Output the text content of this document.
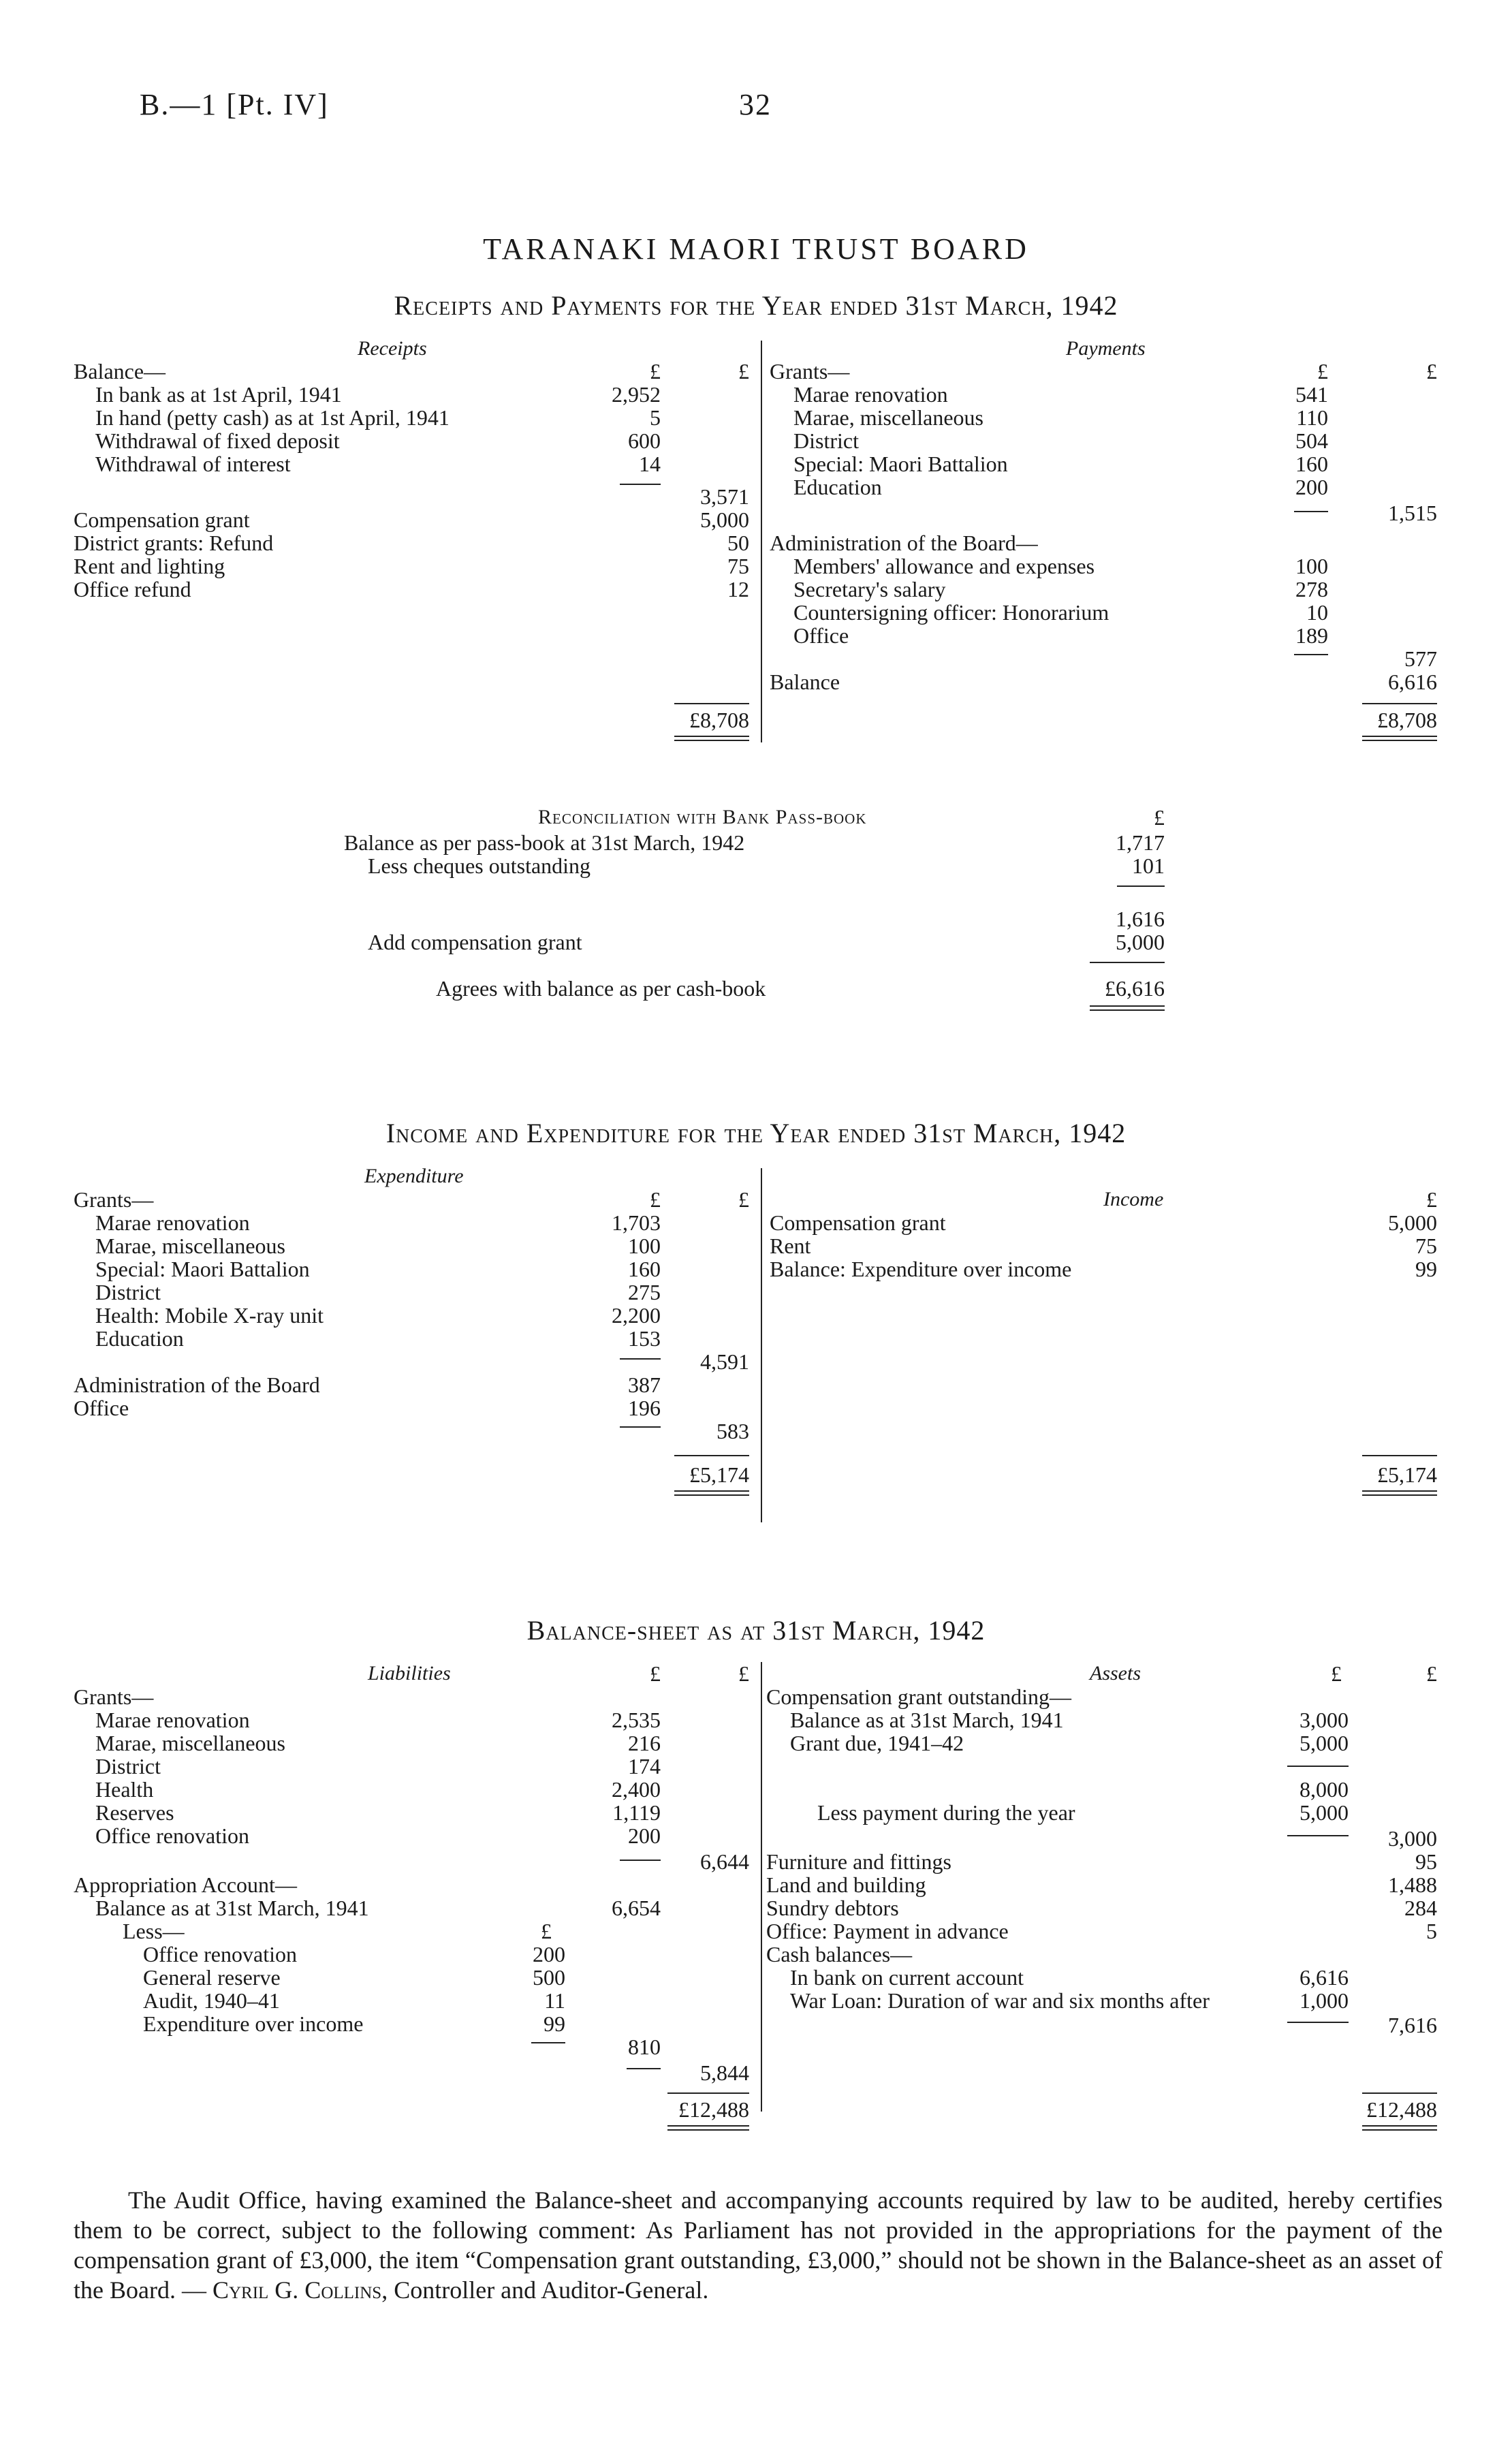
B.—1 [Pt. IV]	32
TARANAKI MAORI TRUST BOARD
Receipts and Payments for the Year ended 31st March, 1942
Receipts	Payments
£	£
Balance—
In bank as at 1st April, 1941	2,952
In hand (petty cash) as at 1st April, 1941	5
Withdrawal of fixed deposit	600
Withdrawal of interest	14
3,571
Compensation grant	5,000
District grants: Refund	50
Rent and lighting	75
Office refund	12
£8,708
£	£
Grants—
Marae renovation	541
Marae, miscellaneous	110
District	504
Special: Maori Battalion	160
Education	200
1,515
Administration of the Board—
Members' allowance and expenses	100
Secretary's salary	278
Countersigning officer: Honorarium	10
Office	189
577
Balance	6,616
£8,708
Reconciliation with Bank Pass-book	£
Balance as per pass-book at 31st March, 1942	1,717
Less cheques outstanding	101
1,616
Add compensation grant	5,000
Agrees with balance as per cash-book	£6,616
Income and Expenditure for the Year ended 31st March, 1942
Expenditure
Income
£	£
Grants—
Marae renovation	1,703
Marae, miscellaneous	100
Special: Maori Battalion	160
District	275
Health: Mobile X-ray unit	2,200
Education	153
4,591
Administration of the Board	387
Office	196
583
£5,174
£
Compensation grant	5,000
Rent	75
Balance: Expenditure over income	99
£5,174
Balance-sheet as at 31st March, 1942
Liabilities	£	£
Grants—
Marae renovation	2,535
Marae, miscellaneous	216
District	174
Health	2,400
Reserves	1,119
Office renovation	200
6,644
Appropriation Account—
Balance as at 31st March, 1941	6,654
Less—	£
Office renovation	200
General reserve	500
Audit, 1940–41	11
Expenditure over income	99
810
5,844
£12,488
Assets	£	£
Compensation grant outstanding—
Balance as at 31st March, 1941	3,000
Grant due, 1941–42	5,000
8,000
Less payment during the year	5,000
3,000
Furniture and fittings	95
Land and building	1,488
Sundry debtors	284
Office: Payment in advance	5
Cash balances—
In bank on current account	6,616
War Loan: Duration of war and six months after	1,000
7,616
£12,488
The Audit Office, having examined the Balance-sheet and accompanying accounts required by law to be audited, hereby certifies them to be correct, subject to the following comment: As Parliament has not provided in the appropriations for the payment of the compensation grant of £3,000, the item “Compensation grant outstanding, £3,000,” should not be shown in the Balance-sheet as an asset of the Board. — Cyril G. Collins, Controller and Auditor-General.
